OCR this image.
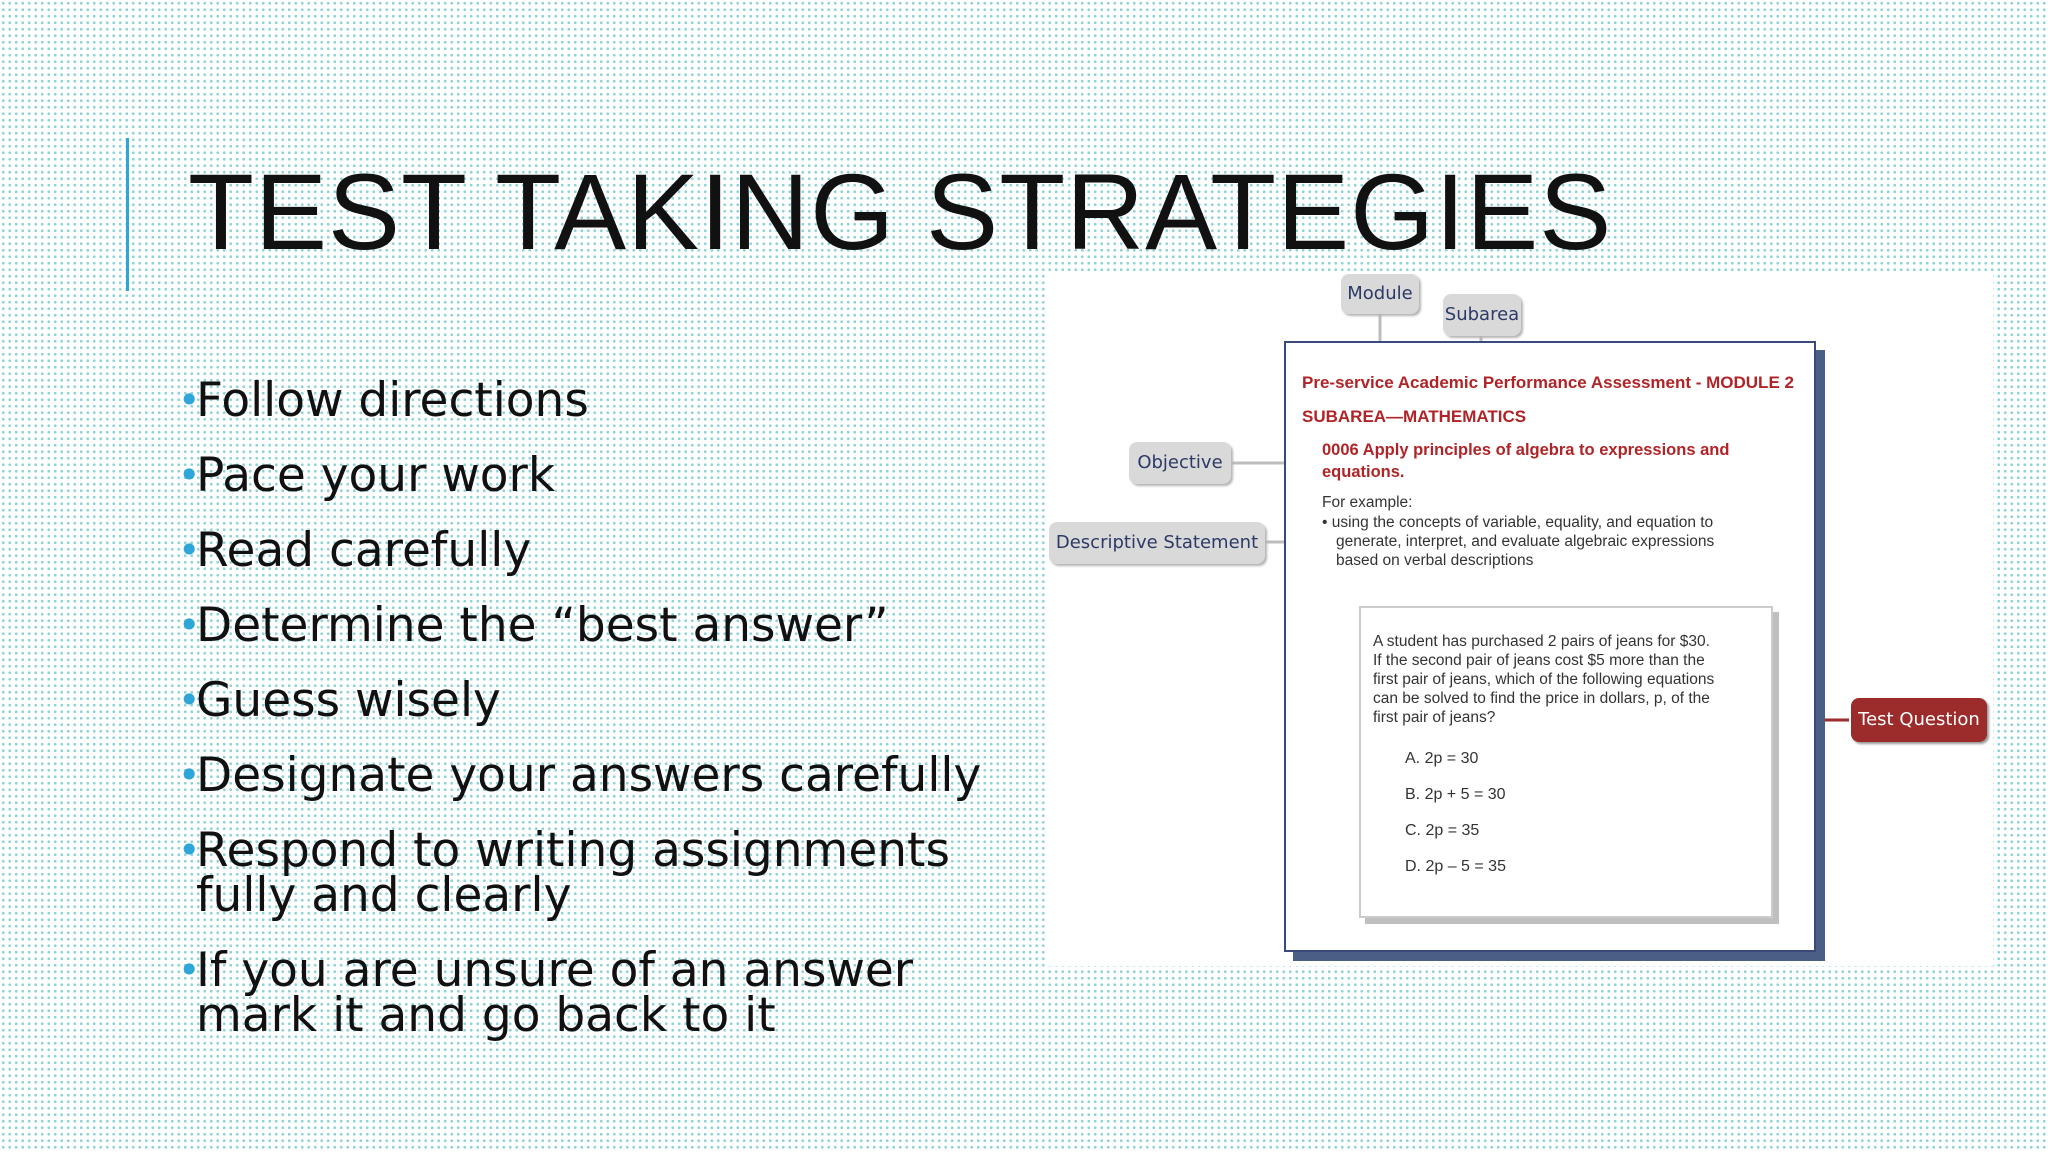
TEST TAKING STRATEGIES
•
Follow directions
•
Pace your work
•
Read carefully
•
Determine the “best answer”
•
Guess wisely
•
Designate your answers carefully
•
Respond to writing assignments fully and clearly
•
If you are unsure of an answer mark it and go back to it
Module
Subarea
Objective
Descriptive Statement
Test Question
Pre-service Academic Performance Assessment - MODULE 2
SUBAREA—MATHEMATICS
0006 Apply principles of algebra to expressions and
equations.
For example:
• using the concepts of variable, equality, and equation to
generate, interpret, and evaluate algebraic expressions
based on verbal descriptions
A student has purchased 2 pairs of jeans for $30.
If the second pair of jeans cost $5 more than the
first pair of jeans, which of the following equations
can be solved to find the price in dollars, p, of the
first pair of jeans?
A. 2p = 30
B. 2p + 5 = 30
C. 2p = 35
D. 2p – 5 = 35
